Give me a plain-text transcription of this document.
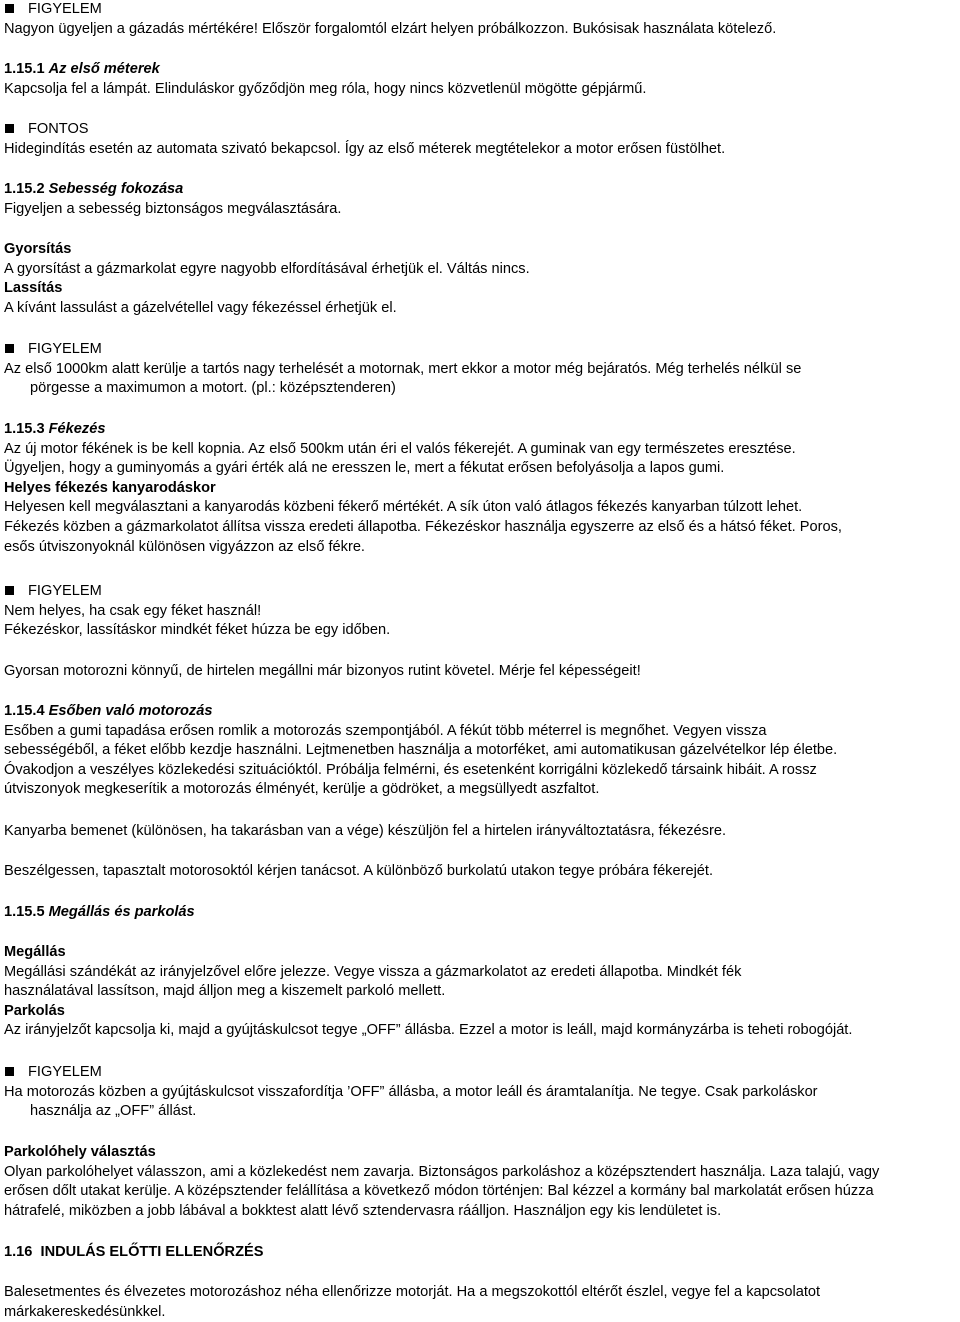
FIGYELEM
Nagyon ügyeljen a gázadás mértékére! Először forgalomtól elzárt helyen próbálkozzon. Bukósisak használata kötelező.
1.15.1 Az első méterek
Kapcsolja fel a lámpát. Elinduláskor győződjön meg róla, hogy nincs közvetlenül mögötte gépjármű.
FONTOS
Hidegindítás esetén az automata szivató bekapcsol. Így az első méterek megtételekor a motor erősen füstölhet.
1.15.2 Sebesség fokozása
Figyeljen a sebesség biztonságos megválasztására.
Gyorsítás
A gyorsítást a gázmarkolat egyre nagyobb elfordításával érhetjük el. Váltás nincs.
Lassítás
A kívánt lassulást a gázelvétellel vagy fékezéssel érhetjük el.
FIGYELEM
Az első 1000km alatt kerülje a tartós nagy terhelését a motornak, mert ekkor a motor még bejáratós. Még terhelés nélkül se
pörgesse a maximumon a motort. (pl.: középsztenderen)
1.15.3 Fékezés
Az új motor fékének is be kell kopnia. Az első 500km után éri el valós fékerejét. A guminak van egy természetes eresztése.
Ügyeljen, hogy a guminyomás a gyári érték alá ne eresszen le, mert a fékutat erősen befolyásolja a lapos gumi.
Helyes fékezés kanyarodáskor
Helyesen kell megválasztani a kanyarodás közbeni fékerő mértékét. A sík úton való átlagos fékezés kanyarban túlzott lehet.
Fékezés közben a gázmarkolatot állítsa vissza eredeti állapotba. Fékezéskor használja egyszerre az első és a hátsó féket. Poros,
esős útviszonyoknál különösen vigyázzon az első fékre.
FIGYELEM
Nem helyes, ha csak egy féket használ!
Fékezéskor, lassításkor mindkét féket húzza be egy időben.
Gyorsan motorozni könnyű, de hirtelen megállni már bizonyos rutint követel. Mérje fel képességeit!
1.15.4 Esőben való motorozás
Esőben a gumi tapadása erősen romlik a motorozás szempontjából. A fékút több méterrel is megnőhet. Vegyen vissza
sebességéből, a féket előbb kezdje használni. Lejtmenetben használja a motorféket, ami automatikusan gázelvételkor lép életbe.
Óvakodjon a veszélyes közlekedési szituációktól. Próbálja felmérni, és esetenként korrigálni közlekedő társaink hibáit. A rossz
útviszonyok megkeserítik a motorozás élményét, kerülje a gödröket, a megsüllyedt aszfaltot.
Kanyarba bemenet (különösen, ha takarásban van a vége) készüljön fel a hirtelen irányváltoztatásra, fékezésre.
Beszélgessen, tapasztalt motorosoktól kérjen tanácsot. A különböző burkolatú utakon tegye próbára fékerejét.
1.15.5 Megállás és parkolás
Megállás
Megállási szándékát az irányjelzővel előre jelezze. Vegye vissza a gázmarkolatot az eredeti állapotba. Mindkét fék
használatával lassítson, majd álljon meg a kiszemelt parkoló mellett.
Parkolás
Az irányjelzőt kapcsolja ki, majd a gyújtáskulcsot tegye „OFF” állásba. Ezzel a motor is leáll, majd kormányzárba is teheti robogóját.
FIGYELEM
Ha motorozás közben a gyújtáskulcsot visszafordítja ’OFF” állásba, a motor leáll és áramtalanítja. Ne tegye. Csak parkoláskor
használja az „OFF” állást.
Parkolóhely választás
Olyan parkolóhelyet válasszon, ami a közlekedést nem zavarja. Biztonságos parkoláshoz a középsztendert használja. Laza talajú, vagy
erősen dőlt utakat kerülje. A középsztender felállítása a következő módon történjen: Bal kézzel a kormány bal markolatát erősen húzza
hátrafelé, miközben a jobb lábával a bokktest alatt lévő sztendervasra ráálljon. Használjon egy kis lendületet is.
1.16 INDULÁS ELŐTTI ELLENŐRZÉS
Balesetmentes és élvezetes motorozáshoz néha ellenőrizze motorját. Ha a megszokottól eltérőt észlel, vegye fel a kapcsolatot
márkakereskedésünkkel.
